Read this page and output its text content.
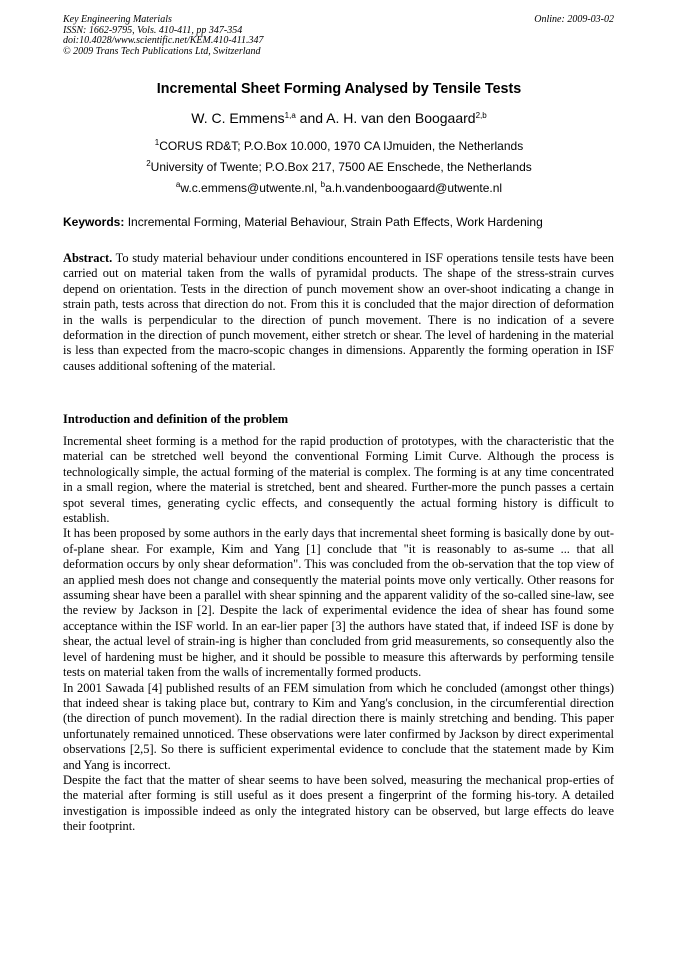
Key Engineering Materials
ISSN: 1662-9795, Vols. 410-411, pp 347-354
doi:10.4028/www.scientific.net/KEM.410-411.347
© 2009 Trans Tech Publications Ltd, Switzerland
Online: 2009-03-02
Incremental Sheet Forming Analysed by Tensile Tests
W. C. Emmens$^{1,a}$ and A. H. van den Boogaard$^{2,b}$
$^1$CORUS RD&T; P.O.Box 10.000, 1970 CA IJmuiden, the Netherlands
$^2$University of Twente; P.O.Box 217, 7500 AE Enschede, the Netherlands
$^a$w.c.emmens@utwente.nl, $^b$a.h.vandenboogaard@utwente.nl
Keywords: Incremental Forming, Material Behaviour, Strain Path Effects, Work Hardening
Abstract. To study material behaviour under conditions encountered in ISF operations tensile tests have been carried out on material taken from the walls of pyramidal products. The shape of the stress-strain curves depend on orientation. Tests in the direction of punch movement show an over-shoot indicating a change in strain path, tests across that direction do not. From this it is concluded that the major direction of deformation in the walls is perpendicular to the direction of punch movement. There is no indication of a severe deformation in the direction of punch movement, either stretch or shear. The level of hardening in the material is less than expected from the macro-scopic changes in dimensions. Apparently the forming operation in ISF causes additional softening of the material.
Introduction and definition of the problem

Incremental sheet forming is a method for the rapid production of prototypes, with the characteristic that the material can be stretched well beyond the conventional Forming Limit Curve. Although the process is technologically simple, the actual forming of the material is complex. The forming is at any time concentrated in a small region, where the material is stretched, bent and sheared. Further-more the punch passes a certain spot several times, generating cyclic effects, and consequently the actual forming history is difficult to establish.

It has been proposed by some authors in the early days that incremental sheet forming is basically done by out-of-plane shear. For example, Kim and Yang [1] conclude that "it is reasonably to as-sume ... that all deformation occurs by only shear deformation". This was concluded from the ob-servation that the top view of an applied mesh does not change and consequently the material points move only vertically. Other reasons for assuming shear have been a parallel with shear spinning and the apparent validity of the so-called sine-law, see the review by Jackson in [2]. Despite the lack of experimental evidence the idea of shear has found some acceptance within the ISF world. In an ear-lier paper [3] the authors have stated that, if indeed ISF is done by shear, the actual level of strain-ing is higher than concluded from grid measurements, so consequently also the level of hardening must be higher, and it should be possible to measure this afterwards by performing tensile tests on material taken from the walls of incrementally formed products.

In 2001 Sawada [4] published results of an FEM simulation from which he concluded (amongst other things) that indeed shear is taking place but, contrary to Kim and Yang's conclusion, in the circumferential direction (the direction of punch movement). In the radial direction there is mainly stretching and bending. This paper unfortunately remained unnoticed. These observations were later confirmed by Jackson by direct experimental observations [2,5]. So there is sufficient experimental evidence to conclude that the statement made by Kim and Yang is incorrect.

Despite the fact that the matter of shear seems to have been solved, measuring the mechanical prop-erties of the material after forming is still useful as it does present a fingerprint of the forming his-tory. A detailed investigation is impossible indeed as only the integrated history can be observed, but large effects do leave their footprint.
